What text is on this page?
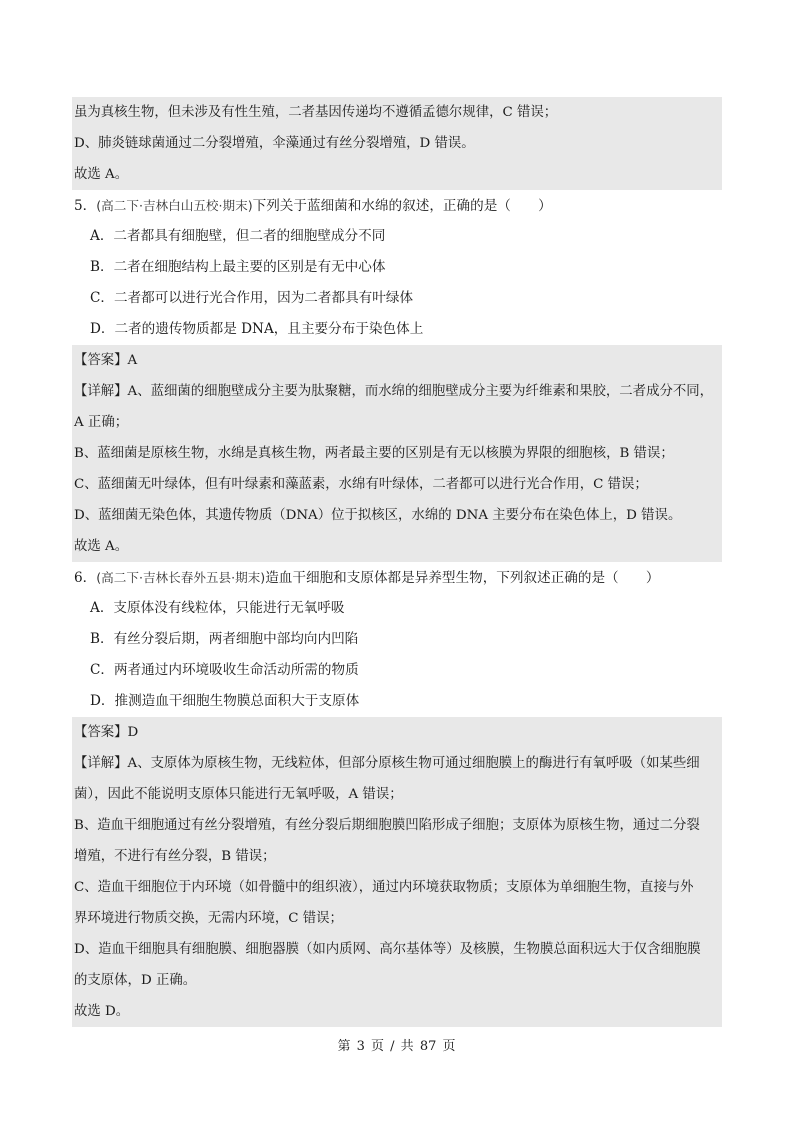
虽为真核生物，但未涉及有性生殖，二者基因传递均不遵循孟德尔规律，C 错误；
D、肺炎链球菌通过二分裂增殖，伞藻通过有丝分裂增殖，D 错误。
故选 A。
5．(高二下·吉林白山五校·期末)下列关于蓝细菌和水绵的叙述，正确的是（　　）
A．二者都具有细胞壁，但二者的细胞壁成分不同
B．二者在细胞结构上最主要的区别是有无中心体
C．二者都可以进行光合作用，因为二者都具有叶绿体
D．二者的遗传物质都是 DNA，且主要分布于染色体上
【答案】A
【详解】A、蓝细菌的细胞壁成分主要为肽聚糖，而水绵的细胞壁成分主要为纤维素和果胶，二者成分不同，
A 正确；
B、蓝细菌是原核生物，水绵是真核生物，两者最主要的区别是有无以核膜为界限的细胞核，B 错误；
C、蓝细菌无叶绿体，但有叶绿素和藻蓝素，水绵有叶绿体，二者都可以进行光合作用，C 错误；
D、蓝细菌无染色体，其遗传物质（DNA）位于拟核区，水绵的 DNA 主要分布在染色体上，D 错误。
故选 A。
6．(高二下·吉林长春外五县·期末)造血干细胞和支原体都是异养型生物，下列叙述正确的是（　　）
A．支原体没有线粒体，只能进行无氧呼吸
B．有丝分裂后期，两者细胞中部均向内凹陷
C．两者通过内环境吸收生命活动所需的物质
D．推测造血干细胞生物膜总面积大于支原体
【答案】D
【详解】A、支原体为原核生物，无线粒体，但部分原核生物可通过细胞膜上的酶进行有氧呼吸（如某些细
菌），因此不能说明支原体只能进行无氧呼吸，A 错误；
B、造血干细胞通过有丝分裂增殖，有丝分裂后期细胞膜凹陷形成子细胞；支原体为原核生物，通过二分裂
增殖，不进行有丝分裂，B 错误；
C、造血干细胞位于内环境（如骨髓中的组织液），通过内环境获取物质；支原体为单细胞生物，直接与外
界环境进行物质交换，无需内环境，C 错误；
D、造血干细胞具有细胞膜、细胞器膜（如内质网、高尔基体等）及核膜，生物膜总面积远大于仅含细胞膜
的支原体，D 正确。
故选 D。
第 3 页 / 共 87 页
